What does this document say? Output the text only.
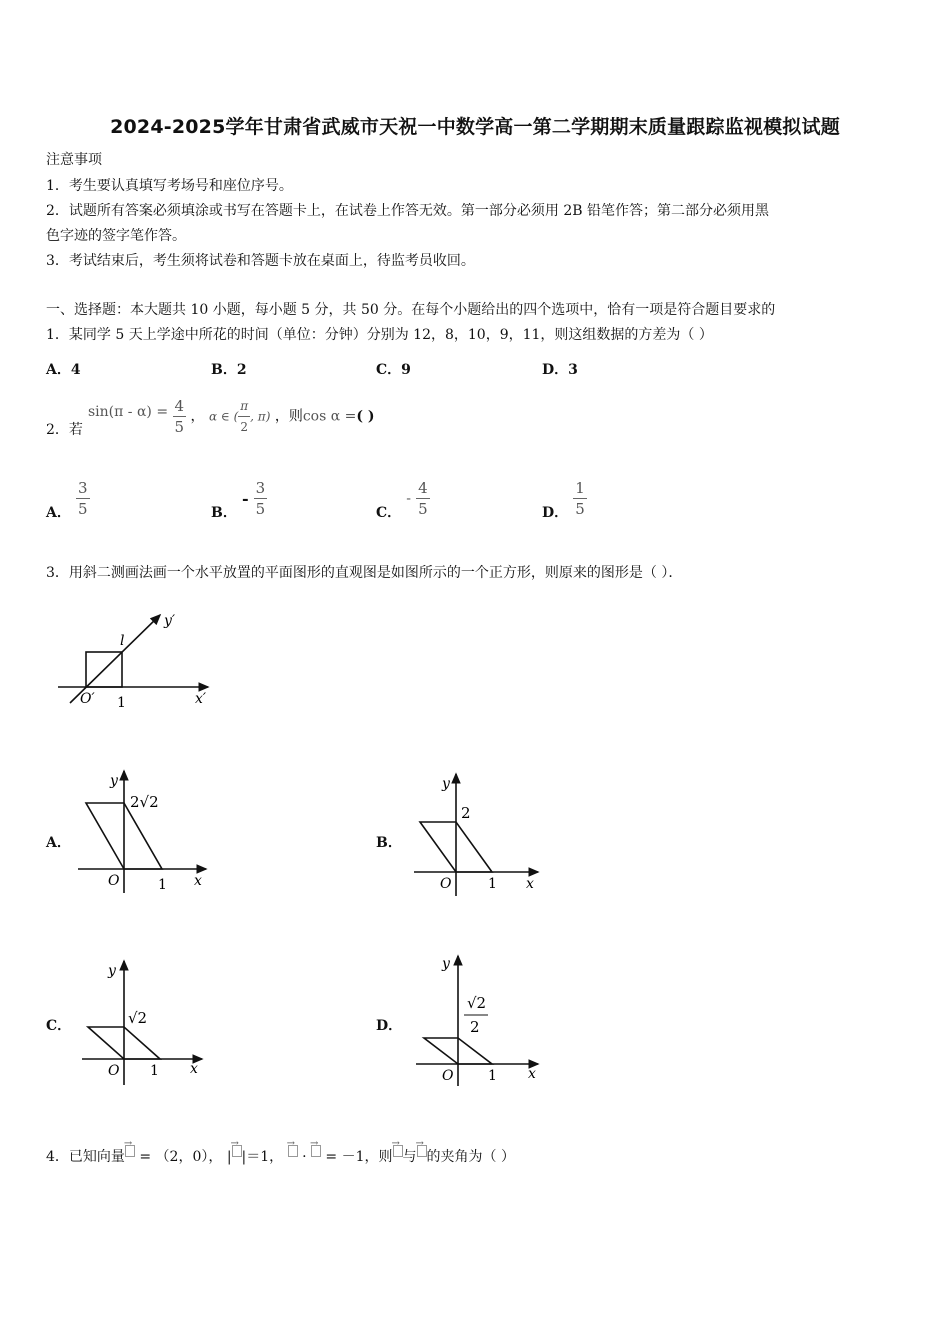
2024-2025学年甘肃省武威市天祝一中数学高一第二学期期末质量跟踪监视模拟试题
注意事项
1．考生要认真填写考场号和座位序号。
2．试题所有答案必须填涂或书写在答题卡上，在试卷上作答无效。第一部分必须用 2B 铅笔作答；第二部分必须用黑
色字迹的签字笔作答。
3．考试结束后，考生须将试卷和答题卡放在桌面上，待监考员收回。
一、选择题：本大题共 10 小题，每小题 5 分，共 50 分。在每个小题给出的四个选项中，恰有一项是符合题目要求的
1．某同学 5 天上学途中所花的时间（单位：分钟）分别为 12，8，10，9，11，则这组数据的方差为（ ）
A．4	B．2	C．9	D．3
2．若
$\sin(\pi - \alpha) = \frac{4}{5}$ ， α ∈ ( $\frac{\pi}{2}$ , π) ，则cos α =( )
A． $\frac{3}{5}$	B． - $\frac{3}{5}$	C． - $\frac{4}{5}$	D． $\frac{1}{5}$
3．用斜二测画法画一个水平放置的平面图形的直观图是如图所示的一个正方形，则原来的图形是（ ）．
y′
x′
O′ 1
l
A．
y
x
O	1
2√2
B．
y
x
O	1
2
C．
y
x
O 1
√2	D．
y
x
O 1
√2
2
4．已知向量→ = （2，0）， | → |＝1， → · → = －1，则 → 与 → 的夹角为（ ）
